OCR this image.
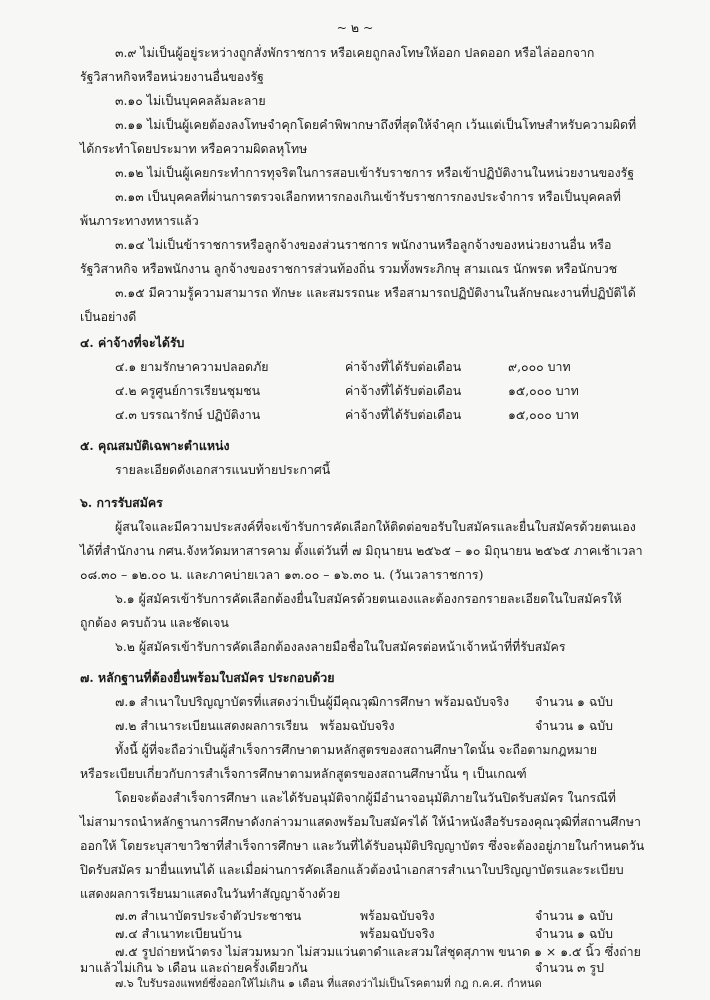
~ ๒ ~
๓.๙ ไม่เป็นผู้อยู่ระหว่างถูกสั่งพักราชการ หรือเคยถูกลงโทษให้ออก ปลดออก หรือไล่ออกจาก
รัฐวิสาหกิจหรือหน่วยงานอื่นของรัฐ
๓.๑๐ ไม่เป็นบุคคลล้มละลาย
๓.๑๑ ไม่เป็นผู้เคยต้องลงโทษจำคุกโดยคำพิพากษาถึงที่สุดให้จำคุก เว้นแต่เป็นโทษสำหรับความผิดที่
ได้กระทำโดยประมาท หรือความผิดลหุโทษ
๓.๑๒ ไม่เป็นผู้เคยกระทำการทุจริตในการสอบเข้ารับราชการ หรือเข้าปฏิบัติงานในหน่วยงานของรัฐ
๓.๑๓ เป็นบุคคลที่ผ่านการตรวจเลือกทหารกองเกินเข้ารับราชการกองประจำการ หรือเป็นบุคคลที่
พ้นภาระทางทหารแล้ว
๓.๑๔ ไม่เป็นข้าราชการหรือลูกจ้างของส่วนราชการ พนักงานหรือลูกจ้างของหน่วยงานอื่น หรือ
รัฐวิสาหกิจ หรือพนักงาน ลูกจ้างของราชการส่วนท้องถิ่น รวมทั้งพระภิกษุ สามเณร นักพรต หรือนักบวช
๓.๑๕ มีความรู้ความสามารถ ทักษะ และสมรรถนะ หรือสามารถปฏิบัติงานในลักษณะงานที่ปฏิบัติได้
เป็นอย่างดี
๔. ค่าจ้างที่จะได้รับ
๔.๑ ยามรักษาความปลอดภัย	ค่าจ้างที่ได้รับต่อเดือน	๙,๐๐๐ บาท
๔.๒ ครูศูนย์การเรียนชุมชน	ค่าจ้างที่ได้รับต่อเดือน	๑๕,๐๐๐ บาท
๔.๓ บรรณารักษ์ ปฏิบัติงาน	ค่าจ้างที่ได้รับต่อเดือน	๑๕,๐๐๐ บาท
๕. คุณสมบัติเฉพาะตำแหน่ง
รายละเอียดดังเอกสารแนบท้ายประกาศนี้
๖. การรับสมัคร
ผู้สนใจและมีความประสงค์ที่จะเข้ารับการคัดเลือกให้ติดต่อขอรับใบสมัครและยื่นใบสมัครด้วยตนเอง
ได้ที่สำนักงาน กศน.จังหวัดมหาสารคาม ตั้งแต่วันที่ ๗ มิถุนายน ๒๕๖๕ – ๑๐ มิถุนายน ๒๕๖๕ ภาคเช้าเวลา
๐๘.๓๐ – ๑๒.๐๐ น. และภาคบ่ายเวลา ๑๓.๐๐ – ๑๖.๓๐ น. (วันเวลาราชการ)
๖.๑ ผู้สมัครเข้ารับการคัดเลือกต้องยื่นใบสมัครด้วยตนเองและต้องกรอกรายละเอียดในใบสมัครให้
ถูกต้อง ครบถ้วน และชัดเจน
๖.๒ ผู้สมัครเข้ารับการคัดเลือกต้องลงลายมือชื่อในใบสมัครต่อหน้าเจ้าหน้าที่ที่รับสมัคร
๗. หลักฐานที่ต้องยื่นพร้อมใบสมัคร ประกอบด้วย
๗.๑ สำเนาใบปริญญาบัตรที่แสดงว่าเป็นผู้มีคุณวุฒิการศึกษา พร้อมฉบับจริง จำนวน ๑ ฉบับ
๗.๒ สำเนาระเบียนแสดงผลการเรียน พร้อมฉบับจริง	จำนวน ๑ ฉบับ
ทั้งนี้ ผู้ที่จะถือว่าเป็นผู้สำเร็จการศึกษาตามหลักสูตรของสถานศึกษาใดนั้น จะถือตามกฎหมาย
หรือระเบียบเกี่ยวกับการสำเร็จการศึกษาตามหลักสูตรของสถานศึกษานั้น ๆ เป็นเกณฑ์
โดยจะต้องสำเร็จการศึกษา และได้รับอนุมัติจากผู้มีอำนาจอนุมัติภายในวันปิดรับสมัคร ในกรณีที่
ไม่สามารถนำหลักฐานการศึกษาดังกล่าวมาแสดงพร้อมใบสมัครได้ ให้นำหนังสือรับรองคุณวุฒิที่สถานศึกษา
ออกให้ โดยระบุสาขาวิชาที่สำเร็จการศึกษา และวันที่ได้รับอนุมัติปริญญาบัตร ซึ่งจะต้องอยู่ภายในกำหนดวัน
ปิดรับสมัคร มายื่นแทนได้ และเมื่อผ่านการคัดเลือกแล้วต้องนำเอกสารสำเนาใบปริญญาบัตรและระเบียบ
แสดงผลการเรียนมาแสดงในวันทำสัญญาจ้างด้วย
๗.๓ สำเนาบัตรประจำตัวประชาชน	พร้อมฉบับจริง	จำนวน ๑ ฉบับ
๗.๔ สำเนาทะเบียนบ้าน	พร้อมฉบับจริง	จำนวน ๑ ฉบับ
๗.๕ รูปถ่ายหน้าตรง ไม่สวมหมวก ไม่สวมแว่นตาดำและสวมใส่ชุดสุภาพ ขนาด ๑ × ๑.๕ นิ้ว ซึ่งถ่าย
มาแล้วไม่เกิน ๖ เดือน และถ่ายครั้งเดียวกัน	จำนวน ๓ รูป
๗.๖ ใบรับรองแพทย์ซึ่งออกให้ไม่เกิน ๑ เดือน ที่แสดงว่าไม่เป็นโรคตามที่ กฎ ก.ค.ศ. กำหนด
